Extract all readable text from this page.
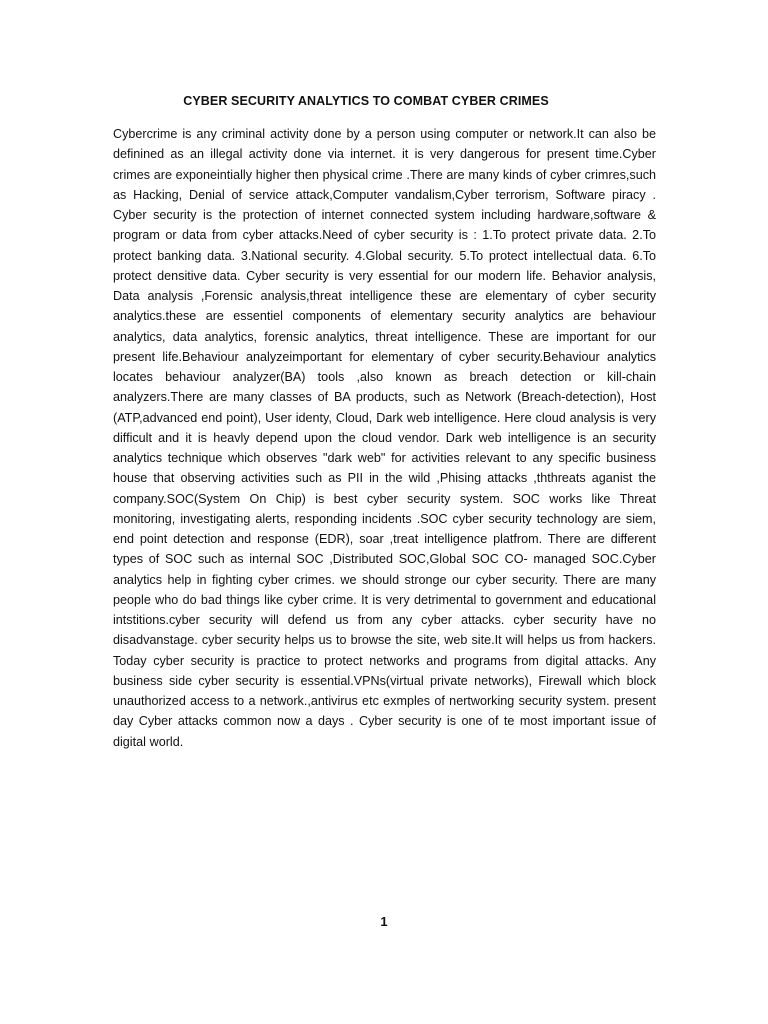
CYBER SECURITY ANALYTICS TO COMBAT CYBER CRIMES

Cybercrime is any criminal activity done by a person using computer or network.It can also be definined as an illegal activity done via internet. it is very dangerous for present time.Cyber crimes are exponeintially higher then physical crime .There are many kinds of cyber crimres,such as Hacking, Denial of service attack,Computer vandalism,Cyber terrorism, Software piracy . Cyber security is the protection of internet connected system including hardware,software & program or data from cyber attacks.Need of cyber security is : 1.To protect private data. 2.To protect banking data. 3.National security. 4.Global security. 5.To protect intellectual data. 6.To protect densitive data. Cyber security is very essential for our modern life. Behavior analysis, Data analysis ,Forensic analysis,threat intelligence these are elementary of cyber security analytics.these are essentiel components of elementary security analytics are behaviour analytics, data analytics, forensic analytics, threat intelligence. These are important for our present life.Behaviour analyzeimportant for elementary of cyber security.Behaviour analytics locates behaviour analyzer(BA) tools ,also known as breach detection or kill-chain analyzers.There are many classes of BA products, such as Network (Breach-detection), Host (ATP,advanced end point), User identy, Cloud, Dark web intelligence. Here cloud analysis is very difficult and it is heavly depend upon the cloud vendor. Dark web intelligence is an security analytics technique which observes "dark web" for activities relevant to any specific business house that observing activities such as PII in the wild ,Phising attacks ,ththreats aganist the company.SOC(System On Chip) is best cyber security system. SOC works like Threat monitoring, investigating alerts, responding incidents .SOC cyber security technology are siem, end point detection and response (EDR), soar ,treat intelligence platfrom. There are different types of SOC such as internal SOC ,Distributed SOC,Global SOC CO- managed SOC.Cyber analytics help in fighting cyber crimes. we should stronge our cyber security. There are many people who do bad things like cyber crime. It is very detrimental to government and educational intstitions.cyber security will defend us from any cyber attacks. cyber security have no disadvanstage. cyber security helps us to browse the site, web site.It will helps us from hackers. Today cyber security is practice to protect networks and programs from digital attacks. Any business side cyber security is essential.VPNs(virtual private networks), Firewall which block unauthorized access to a network.,antivirus etc exmples of nertworking security system. present day Cyber attacks common now a days . Cyber security is one of te most important issue of digital world.

1
